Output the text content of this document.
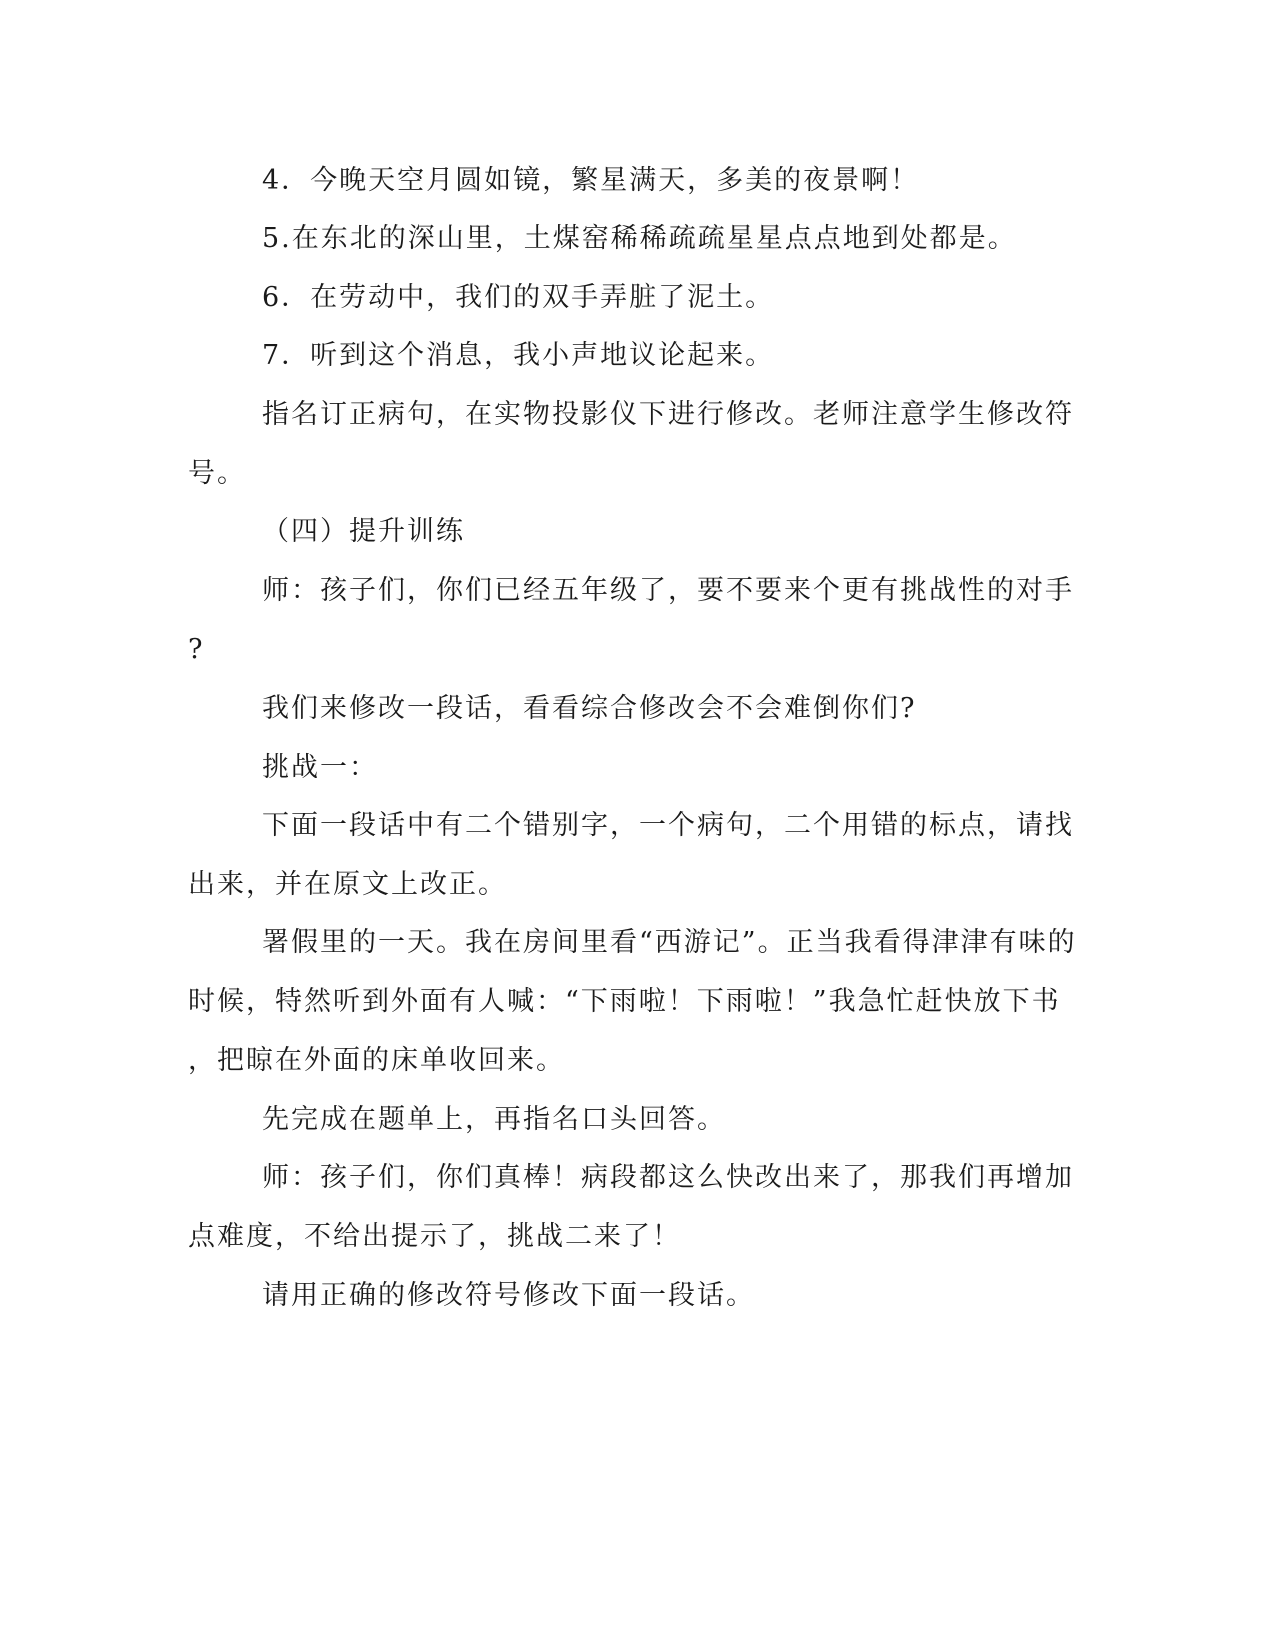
4．今晚天空月圆如镜，繁星满天，多美的夜景啊！
5.在东北的深山里，土煤窑稀稀疏疏星星点点地到处都是。
6．在劳动中，我们的双手弄脏了泥土。
7．听到这个消息，我小声地议论起来。
指名订正病句，在实物投影仪下进行修改。老师注意学生修改符
号。
（四）提升训练
师：孩子们，你们已经五年级了，要不要来个更有挑战性的对手
?
我们来修改一段话，看看综合修改会不会难倒你们?
挑战一：
下面一段话中有二个错别字，一个病句，二个用错的标点，请找
出来，并在原文上改正。
署假里的一天。我在房间里看“西游记”。正当我看得津津有味的
时候，特然听到外面有人喊：“下雨啦！下雨啦！”我急忙赶快放下书
，把晾在外面的床单收回来。
先完成在题单上，再指名口头回答。
师：孩子们，你们真棒！病段都这么快改出来了，那我们再增加
点难度，不给出提示了，挑战二来了！
请用正确的修改符号修改下面一段话。
